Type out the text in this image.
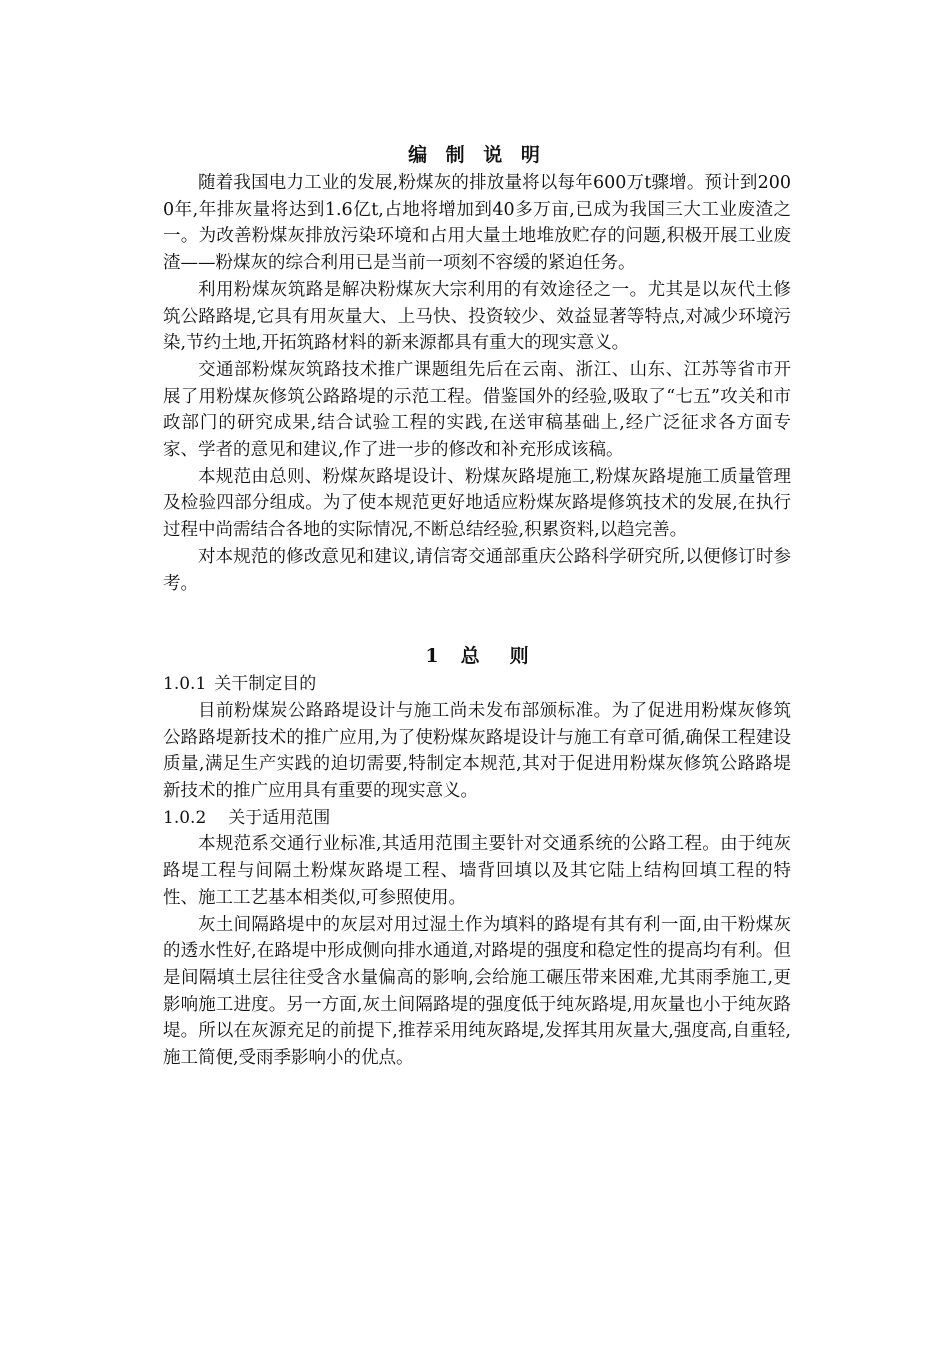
编 制 说 明

随着我国电力工业的发展,粉煤灰的排放量将以每年600万t骤增。预计到2000年,年排灰量将达到1.6亿t,占地将增加到40多万亩,已成为我国三大工业废渣之一。为改善粉煤灰排放污染环境和占用大量土地堆放贮存的问题,积极开展工业废渣——粉煤灰的综合利用已是当前一项刻不容缓的紧迫任务。

利用粉煤灰筑路是解决粉煤灰大宗利用的有效途径之一。尤其是以灰代土修筑公路路堤,它具有用灰量大、上马快、投资较少、效益显著等特点,对减少环境污染,节约土地,开拓筑路材料的新来源都具有重大的现实意义。

交通部粉煤灰筑路技术推广课题组先后在云南、浙江、山东、江苏等省市开展了用粉煤灰修筑公路路堤的示范工程。借鉴国外的经验,吸取了“七五”攻关和市政部门的研究成果,结合试验工程的实践,在送审稿基础上,经广泛征求各方面专家、学者的意见和建议,作了进一步的修改和补充形成该稿。

本规范由总则、粉煤灰路堤设计、粉煤灰路堤施工,粉煤灰路堤施工质量管理及检验四部分组成。为了使本规范更好地适应粉煤灰路堤修筑技术的发展,在执行过程中尚需结合各地的实际情况,不断总结经验,积累资料,以趋完善。

对本规范的修改意见和建议,请信寄交通部重庆公路科学研究所,以便修订时参考。

1 总 则
1.0.1 关干制定目的

目前粉煤炭公路路堤设计与施工尚未发布部颁标准。为了促进用粉煤灰修筑公路路堤新技术的推广应用,为了使粉煤灰路堤设计与施工有章可循,确保工程建设质量,满足生产实践的迫切需要,特制定本规范,其对于促进用粉煤灰修筑公路路堤新技术的推广应用具有重要的现实意义。

1.0.2 关于适用范围

本规范系交通行业标准,其适用范围主要针对交通系统的公路工程。由于纯灰路堤工程与间隔土粉煤灰路堤工程、墙背回填以及其它陆上结构回填工程的特性、施工工艺基本相类似,可参照使用。

灰土间隔路堤中的灰层对用过湿土作为填料的路堤有其有利一面,由干粉煤灰的透水性好,在路堤中形成侧向排水通道,对路堤的强度和稳定性的提高均有利。但是间隔填土层往往受含水量偏高的影响,会给施工碾压带来困难,尤其雨季施工,更影响施工进度。另一方面,灰土间隔路堤的强度低于纯灰路堤,用灰量也小于纯灰路堤。所以在灰源充足的前提下,推荐采用纯灰路堤,发挥其用灰量大,强度高,自重轻,施工简便,受雨季影响小的优点。
